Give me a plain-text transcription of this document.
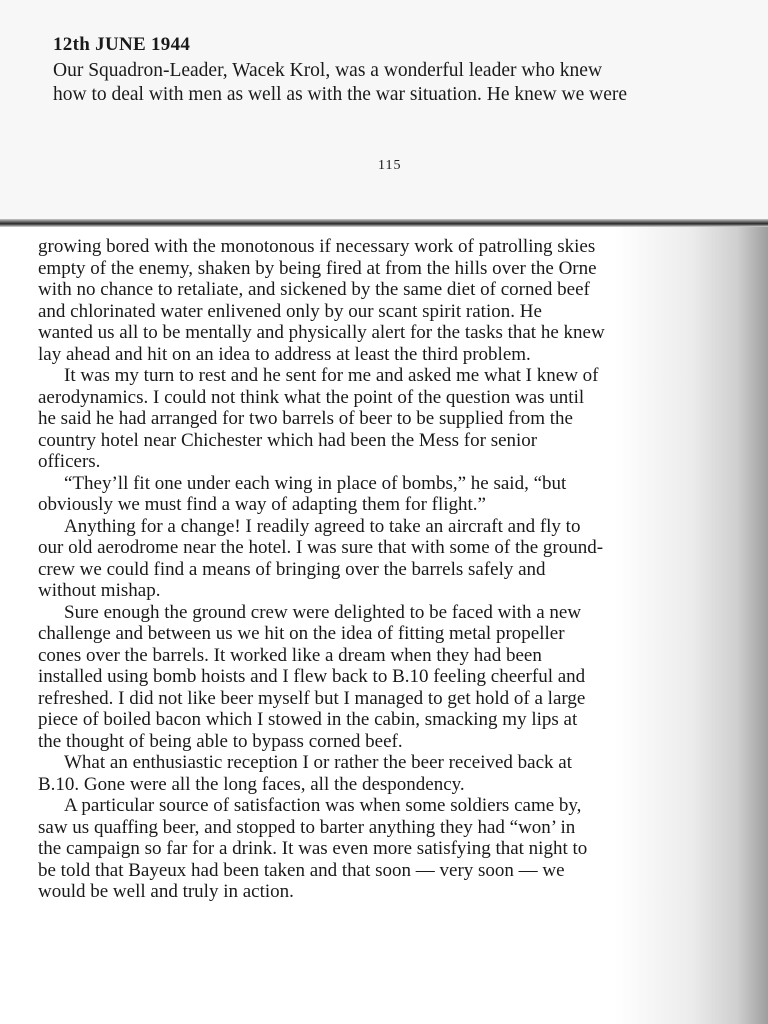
12th JUNE 1944
Our Squadron-Leader, Wacek Krol, was a wonderful leader who knew
how to deal with men as well as with the war situation. He knew we were
115
growing bored with the monotonous if necessary work of patrolling skies
empty of the enemy, shaken by being fired at from the hills over the Orne
with no chance to retaliate, and sickened by the same diet of corned beef
and chlorinated water enlivened only by our scant spirit ration. He
wanted us all to be mentally and physically alert for the tasks that he knew
lay ahead and hit on an idea to address at least the third problem.
It was my turn to rest and he sent for me and asked me what I knew of
aerodynamics. I could not think what the point of the question was until
he said he had arranged for two barrels of beer to be supplied from the
country hotel near Chichester which had been the Mess for senior
officers.
“They’ll fit one under each wing in place of bombs,” he said, “but
obviously we must find a way of adapting them for flight.”
Anything for a change! I readily agreed to take an aircraft and fly to
our old aerodrome near the hotel. I was sure that with some of the ground-
crew we could find a means of bringing over the barrels safely and
without mishap.
Sure enough the ground crew were delighted to be faced with a new
challenge and between us we hit on the idea of fitting metal propeller
cones over the barrels. It worked like a dream when they had been
installed using bomb hoists and I flew back to B.10 feeling cheerful and
refreshed. I did not like beer myself but I managed to get hold of a large
piece of boiled bacon which I stowed in the cabin, smacking my lips at
the thought of being able to bypass corned beef.
What an enthusiastic reception I or rather the beer received back at
B.10. Gone were all the long faces, all the despondency.
A particular source of satisfaction was when some soldiers came by,
saw us quaffing beer, and stopped to barter anything they had “won’ in
the campaign so far for a drink. It was even more satisfying that night to
be told that Bayeux had been taken and that soon — very soon — we
would be well and truly in action.
